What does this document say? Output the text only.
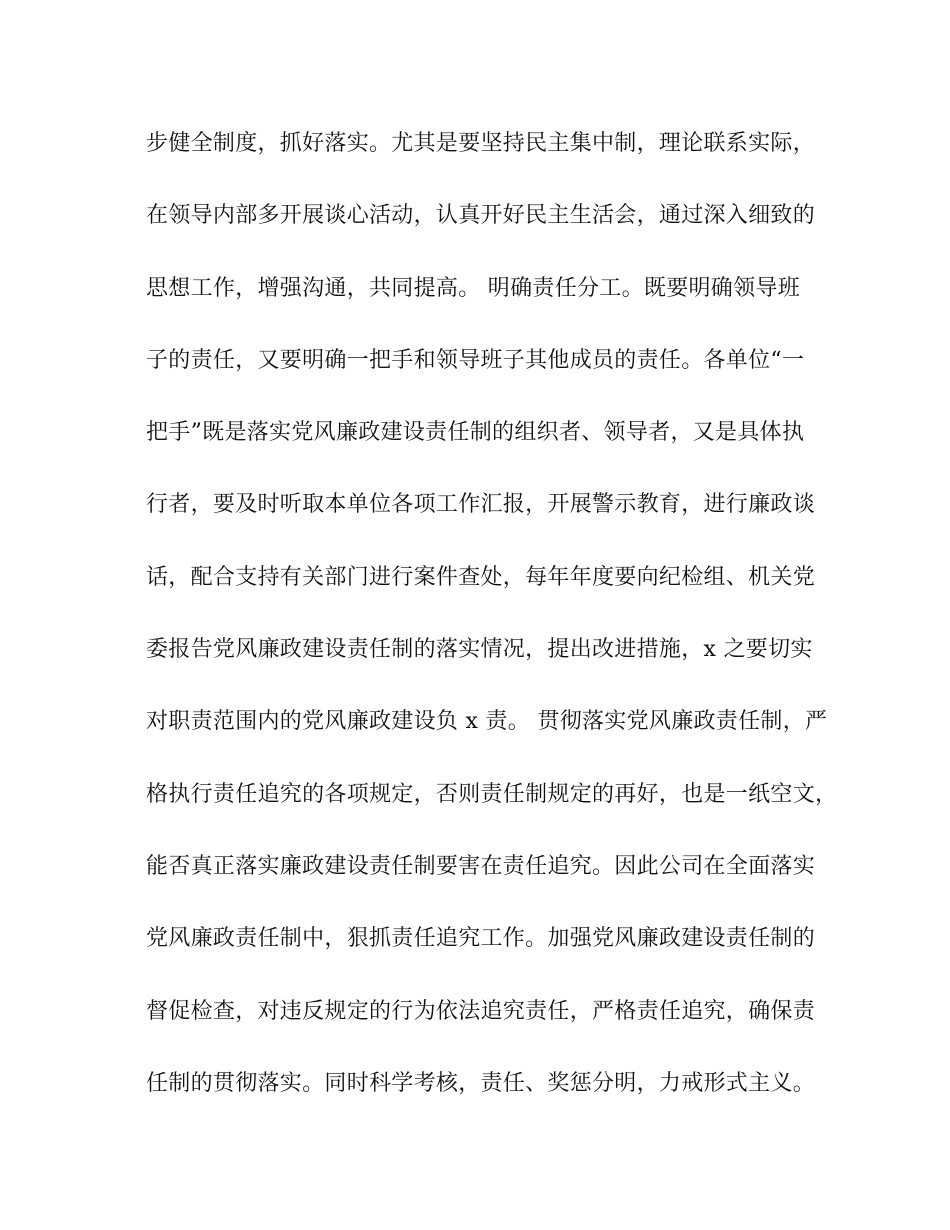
步健全制度，抓好落实。尤其是要坚持民主集中制，理论联系实际，
在领导内部多开展谈心活动，认真开好民主生活会，通过深入细致的
思想工作，增强沟通，共同提高。 明确责任分工。既要明确领导班
子的责任，又要明确一把手和领导班子其他成员的责任。各单位“一
把手”既是落实党风廉政建设责任制的组织者、领导者，又是具体执
行者，要及时听取本单位各项工作汇报，开展警示教育，进行廉政谈
话，配合支持有关部门进行案件查处，每年年度要向纪检组、机关党
委报告党风廉政建设责任制的落实情况，提出改进措施，x 之要切实
对职责范围内的党风廉政建设负 x 责。 贯彻落实党风廉政责任制，严
格执行责任追究的各项规定，否则责任制规定的再好，也是一纸空文，
能否真正落实廉政建设责任制要害在责任追究。因此公司在全面落实
党风廉政责任制中，狠抓责任追究工作。加强党风廉政建设责任制的
督促检查，对违反规定的行为依法追究责任，严格责任追究，确保责
任制的贯彻落实。同时科学考核，责任、奖惩分明，力戒形式主义。
